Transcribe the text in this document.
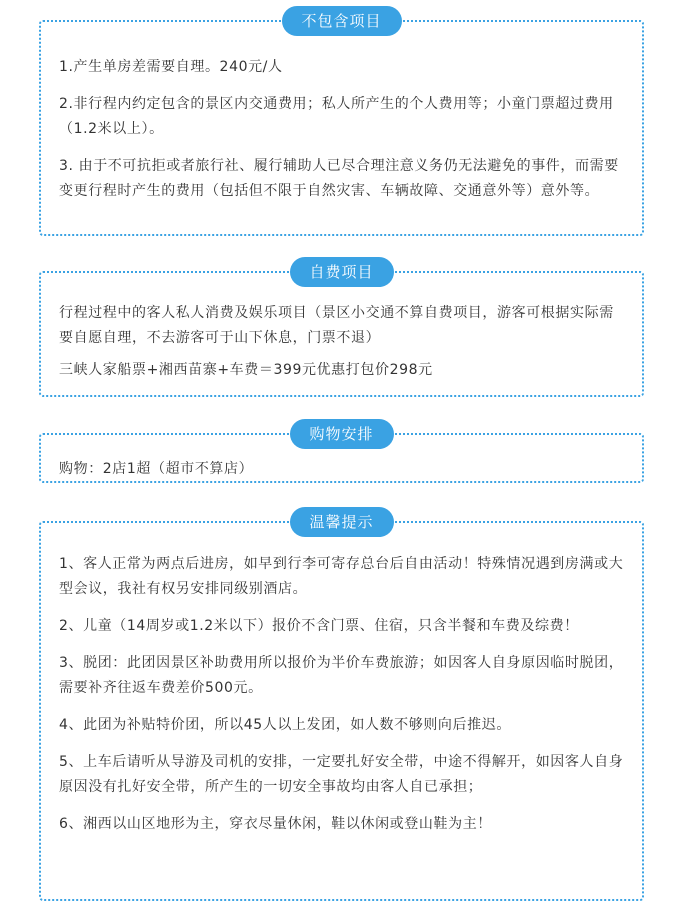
不包含项目

1.产生单房差需要自理。240元/人

2.非行程内约定包含的景区内交通费用；私人所产生的个人费用等；小童门票超过费用（1.2米以上）。

3. 由于不可抗拒或者旅行社、履行辅助人已尽合理注意义务仍无法避免的事件，而需要变更行程时产生的费用（包括但不限于自然灾害、车辆故障、交通意外等）意外等。

自费项目

行程过程中的客人私人消费及娱乐项目（景区小交通不算自费项目，游客可根据实际需要自愿自理，不去游客可于山下休息，门票不退）

三峡人家船票+湘西苗寨+车费＝399元优惠打包价298元

购物安排

购物：2店1超（超市不算店）

温馨提示

1、客人正常为两点后进房，如早到行李可寄存总台后自由活动！特殊情况遇到房满或大型会议，我社有权另安排同级别酒店。

2、儿童（14周岁或1.2米以下）报价不含门票、住宿，只含半餐和车费及综费！

3、脱团：此团因景区补助费用所以报价为半价车费旅游；如因客人自身原因临时脱团，需要补齐往返车费差价500元。

4、此团为补贴特价团，所以45人以上发团，如人数不够则向后推迟。

5、上车后请听从导游及司机的安排，一定要扎好安全带，中途不得解开，如因客人自身原因没有扎好安全带，所产生的一切安全事故均由客人自已承担；

6、湘西以山区地形为主，穿衣尽量休闲，鞋以休闲或登山鞋为主！
